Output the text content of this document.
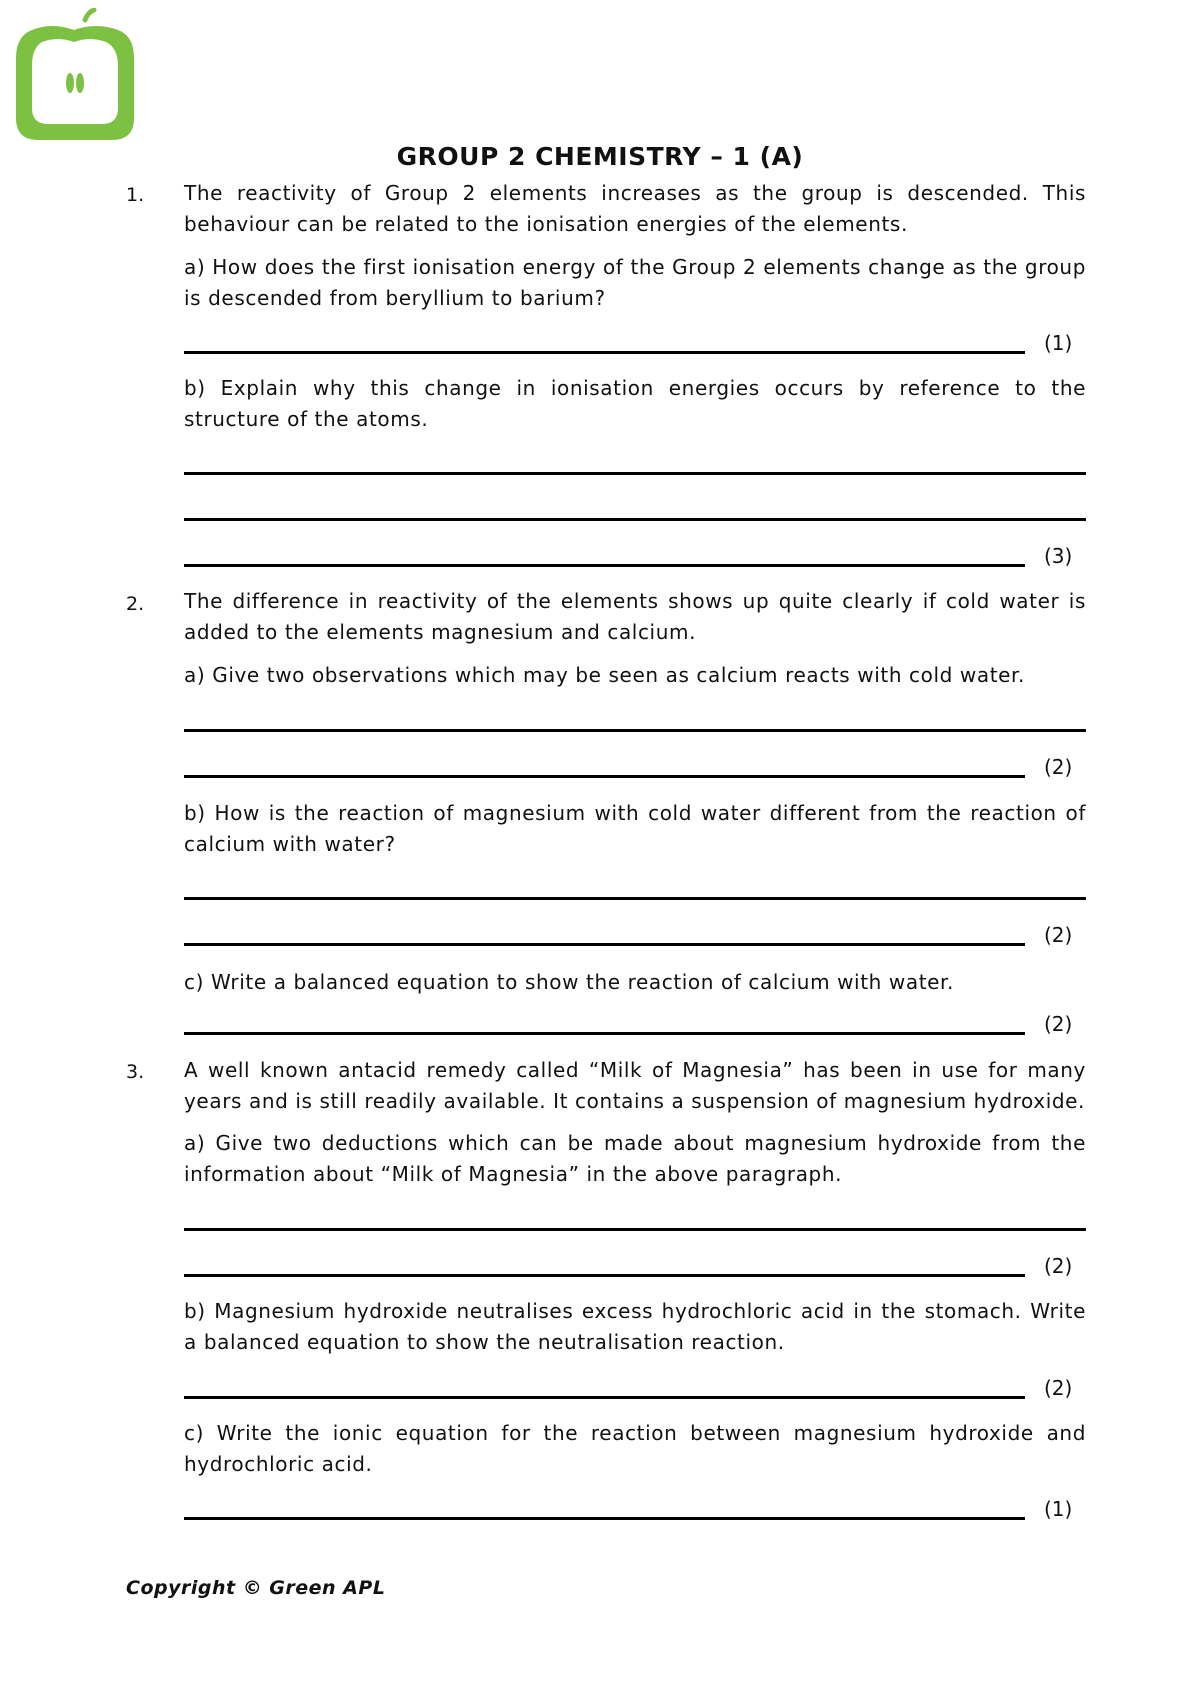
GROUP 2 CHEMISTRY – 1 (A)
1. The reactivity of Group 2 elements increases as the group is descended. This behaviour can be related to the ionisation energies of the elements.
a) How does the first ionisation energy of the Group 2 elements change as the group is descended from beryllium to barium?
(1)
b) Explain why this change in ionisation energies occurs by reference to the structure of the atoms.
(3)
2. The difference in reactivity of the elements shows up quite clearly if cold water is added to the elements magnesium and calcium.
a) Give two observations which may be seen as calcium reacts with cold water.
(2)
b) How is the reaction of magnesium with cold water different from the reaction of calcium with water?
(2)
c) Write a balanced equation to show the reaction of calcium with water.
(2)
3. A well known antacid remedy called “Milk of Magnesia” has been in use for many years and is still readily available. It contains a suspension of magnesium hydroxide.
a) Give two deductions which can be made about magnesium hydroxide from the information about “Milk of Magnesia” in the above paragraph.
(2)
b) Magnesium hydroxide neutralises excess hydrochloric acid in the stomach. Write a balanced equation to show the neutralisation reaction.
(2)
c) Write the ionic equation for the reaction between magnesium hydroxide and hydrochloric acid.
(1)
Copyright © Green APL
